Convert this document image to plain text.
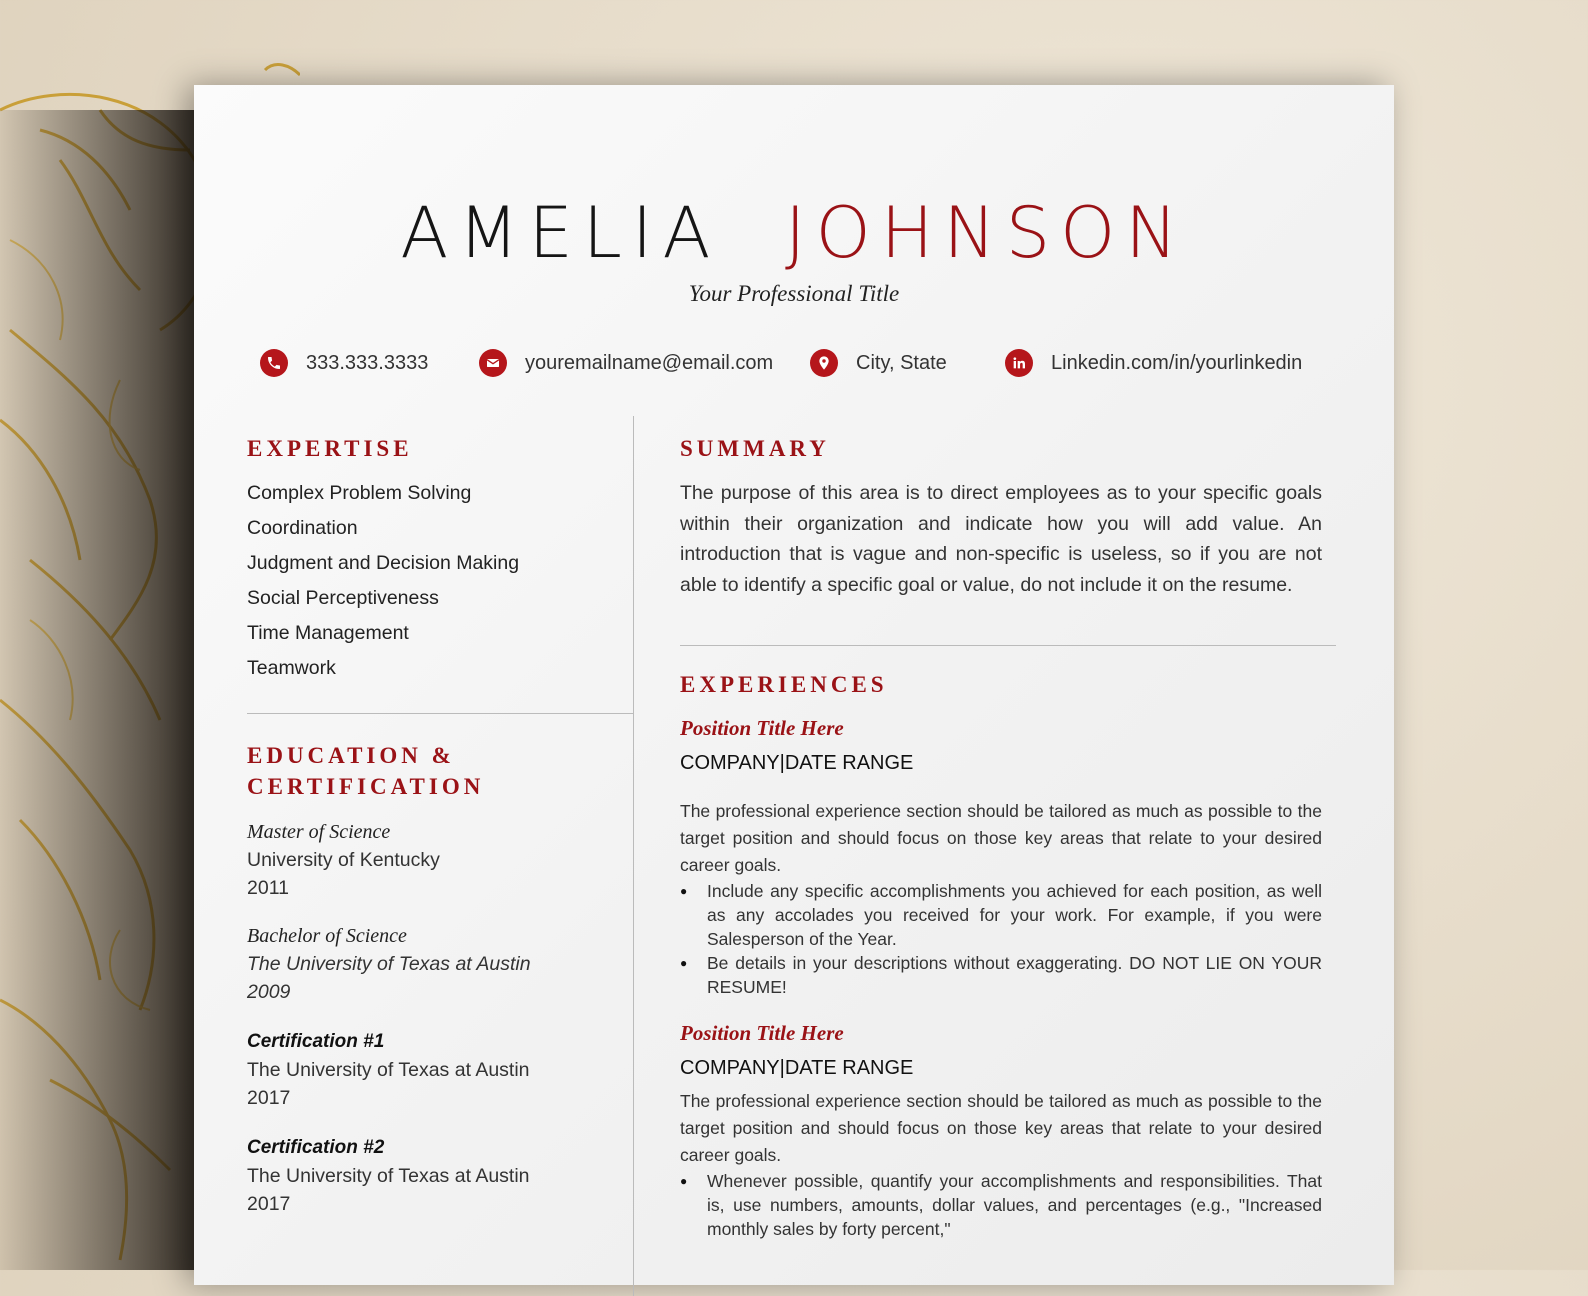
AMELIA JOHNSON
Your Professional Title
333.333.3333	youremailname@email.com	City, State	Linkedin.com/in/yourlinkedin
EXPERTISE
Complex Problem Solving
Coordination
Judgment and Decision Making
Social Perceptiveness
Time Management
Teamwork
EDUCATION &
CERTIFICATION
Master of Science
University of Kentucky
2011
Bachelor of Science
The University of Texas at Austin
2009
Certification #1
The University of Texas at Austin
2017
Certification #2
The University of Texas at Austin
2017
SUMMARY
The purpose of this area is to direct employees as to your specific goals within their organization and indicate how you will add value. An introduction that is vague and non-specific is useless, so if you are not able to identify a specific goal or value, do not include it on the resume.
EXPERIENCES
Position Title Here
COMPANY|DATE RANGE
The professional experience section should be tailored as much as possible to the target position and should focus on those key areas that relate to your desired career goals.
● Include any specific accomplishments you achieved for each position, as well as any accolades you received for your work. For example, if you were Salesperson of the Year.
● Be details in your descriptions without exaggerating. DO NOT LIE ON YOUR RESUME!
Position Title Here
COMPANY|DATE RANGE
The professional experience section should be tailored as much as possible to the target position and should focus on those key areas that relate to your desired career goals.
● Whenever possible, quantify your accomplishments and responsibilities. That is, use numbers, amounts, dollar values, and percentages (e.g., "Increased monthly sales by forty percent,"
